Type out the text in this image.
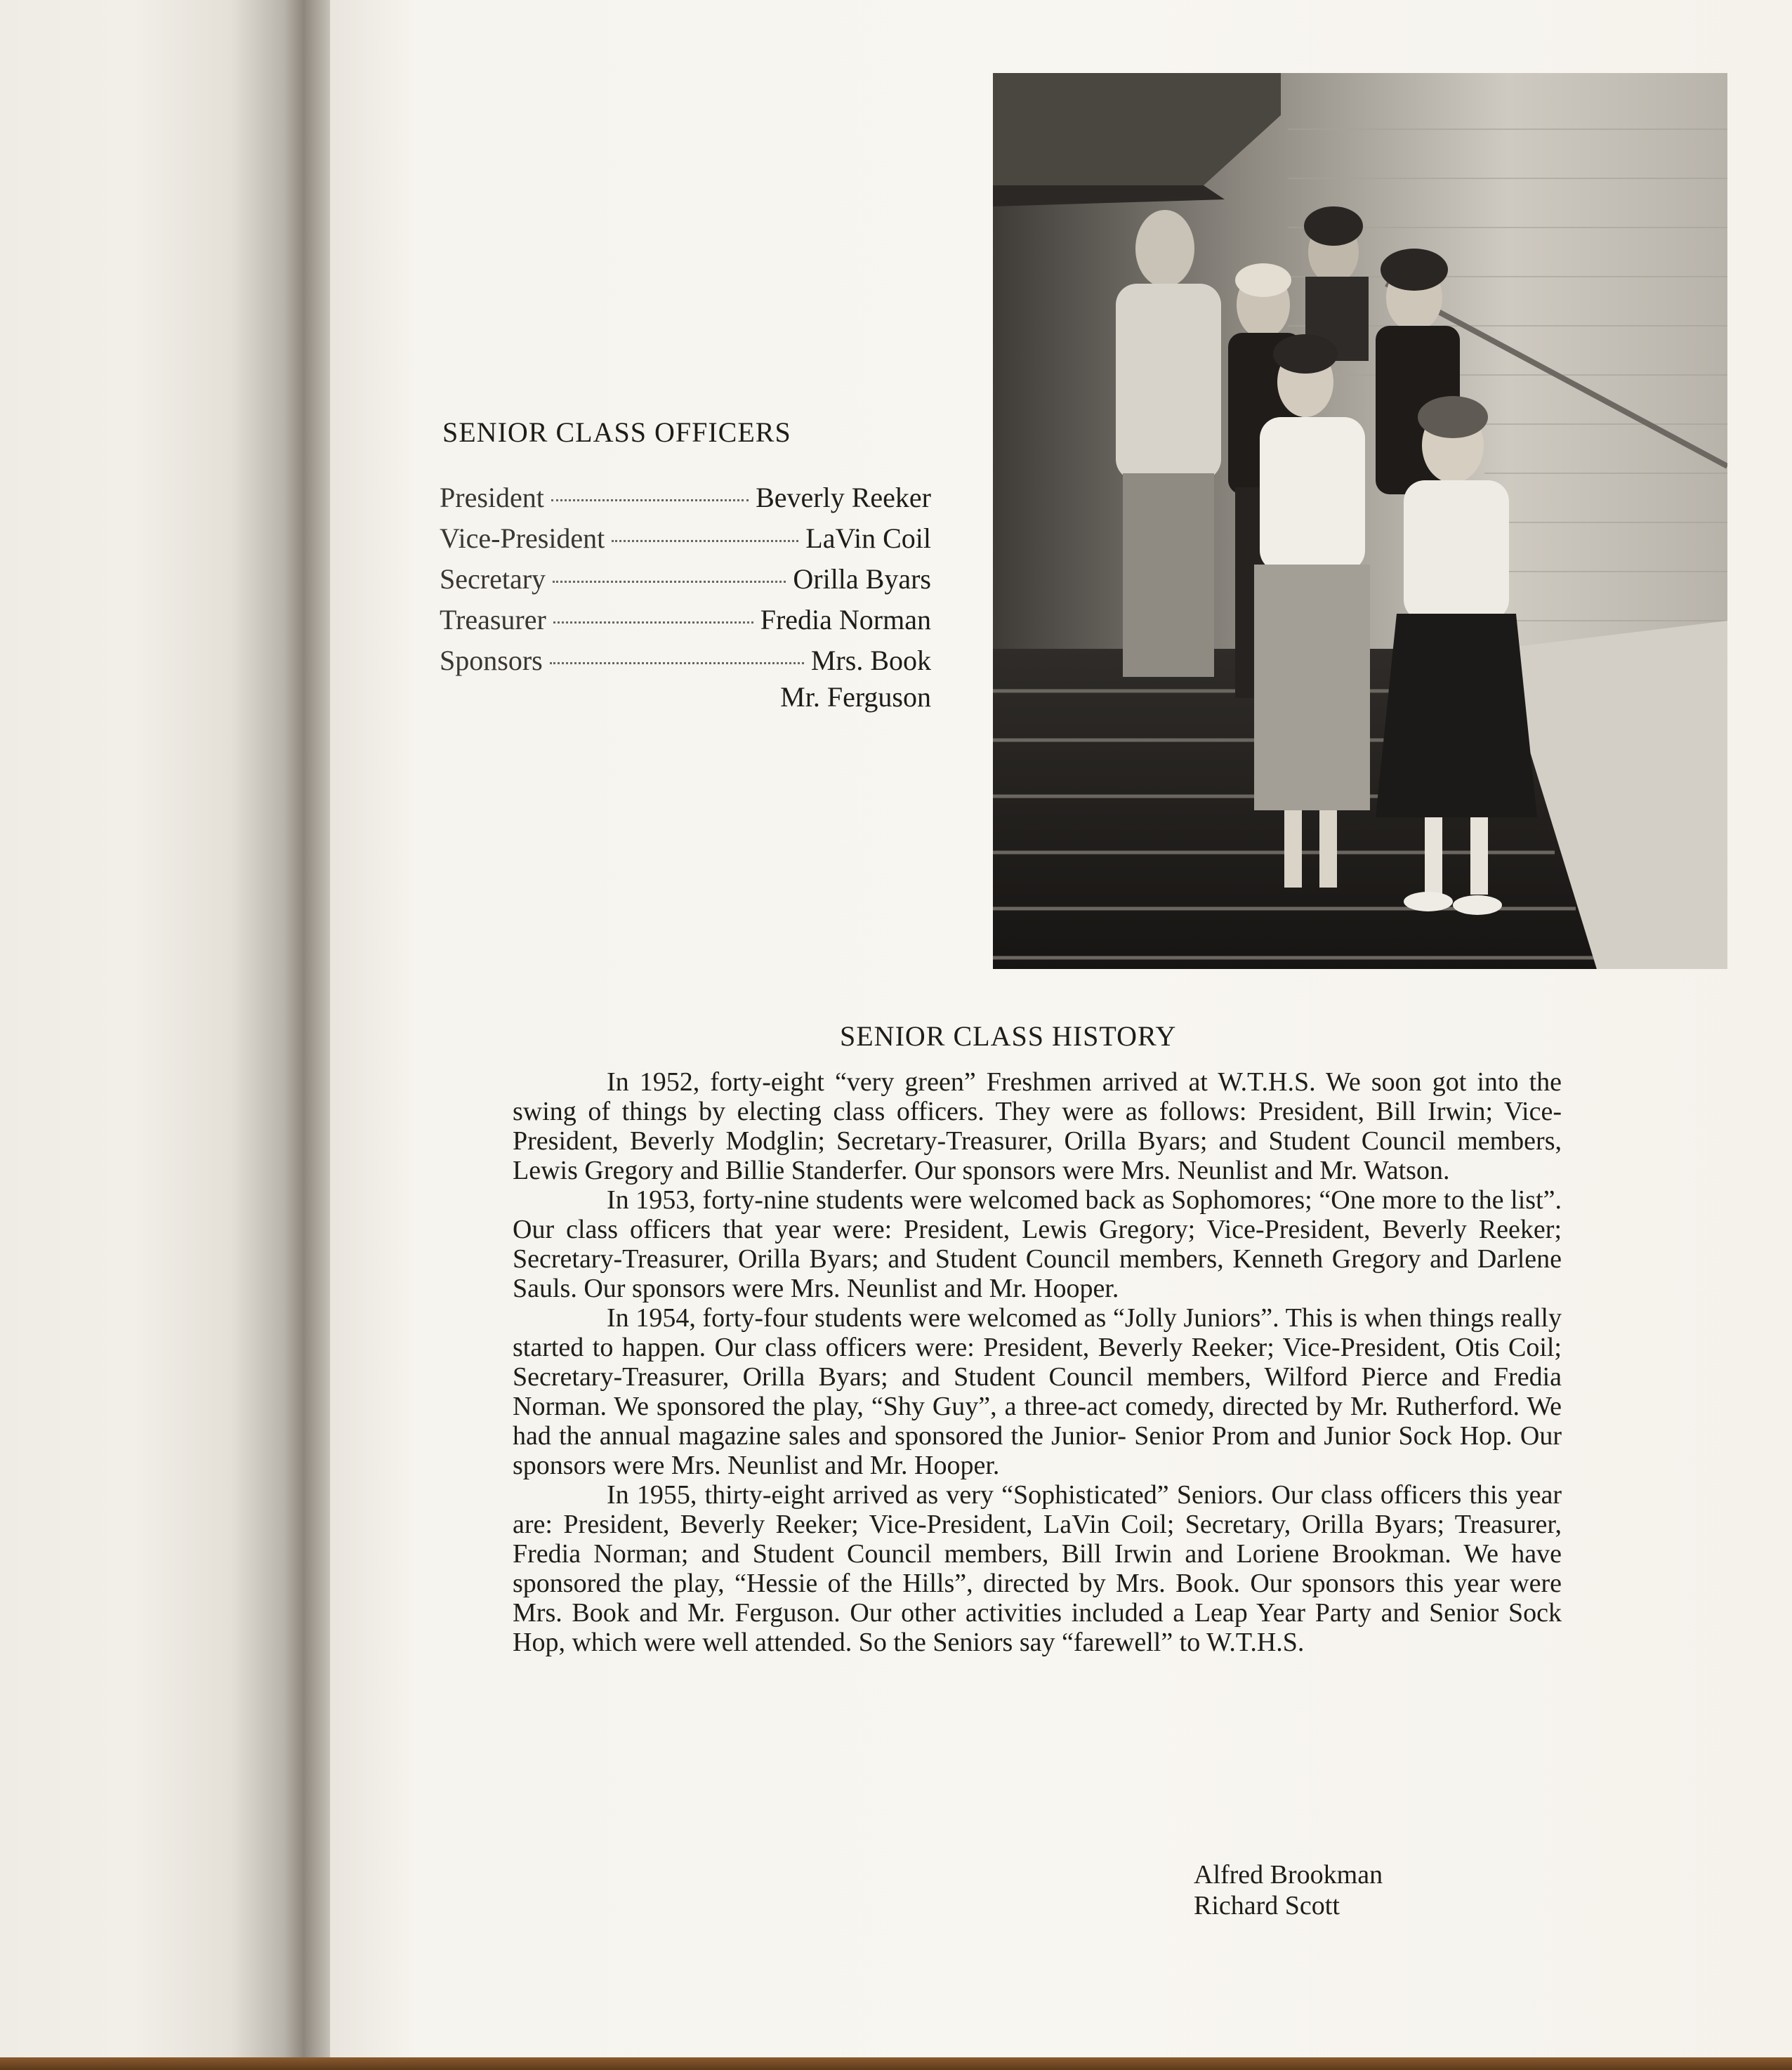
SENIOR CLASS OFFICERS
President	Beverly Reeker
Vice-President	LaVin Coil
Secretary	Orilla Byars
Treasurer	Fredia Norman
Sponsors	Mrs. Book
Mr. Ferguson
SENIOR CLASS HISTORY

In 1952, forty-eight “very green” Freshmen arrived at W.T.H.S. We soon got into the swing of things by electing class officers. They were as follows: President, Bill Irwin; Vice-President, Beverly Modglin; Secretary-Treasurer, Orilla Byars; and Student Council members, Lewis Gregory and Billie Standerfer. Our sponsors were Mrs. Neunlist and Mr. Watson.

In 1953, forty-nine students were welcomed back as Sophomores; “One more to the list”. Our class officers that year were: President, Lewis Gregory; Vice-President, Beverly Reeker; Secretary-Treasurer, Orilla Byars; and Student Council members, Kenneth Gregory and Darlene Sauls. Our sponsors were Mrs. Neunlist and Mr. Hooper.

In 1954, forty-four students were welcomed as “Jolly Juniors”. This is when things really started to happen. Our class officers were: President, Beverly Reeker; Vice-President, Otis Coil; Secretary-Treasurer, Orilla Byars; and Student Council members, Wilford Pierce and Fredia Norman. We sponsored the play, “Shy Guy”, a three-act comedy, directed by Mr. Rutherford. We had the annual magazine sales and sponsored the Junior- Senior Prom and Junior Sock Hop. Our sponsors were Mrs. Neunlist and Mr. Hooper.

In 1955, thirty-eight arrived as very “Sophisticated” Seniors. Our class officers this year are: President, Beverly Reeker; Vice-President, LaVin Coil; Secretary, Orilla Byars; Treasurer, Fredia Norman; and Student Council members, Bill Irwin and Loriene Brookman. We have sponsored the play, “Hessie of the Hills”, directed by Mrs. Book. Our sponsors this year were Mrs. Book and Mr. Ferguson. Our other activities included a Leap Year Party and Senior Sock Hop, which were well attended. So the Seniors say “farewell” to W.T.H.S.

Alfred Brookman
Richard Scott
